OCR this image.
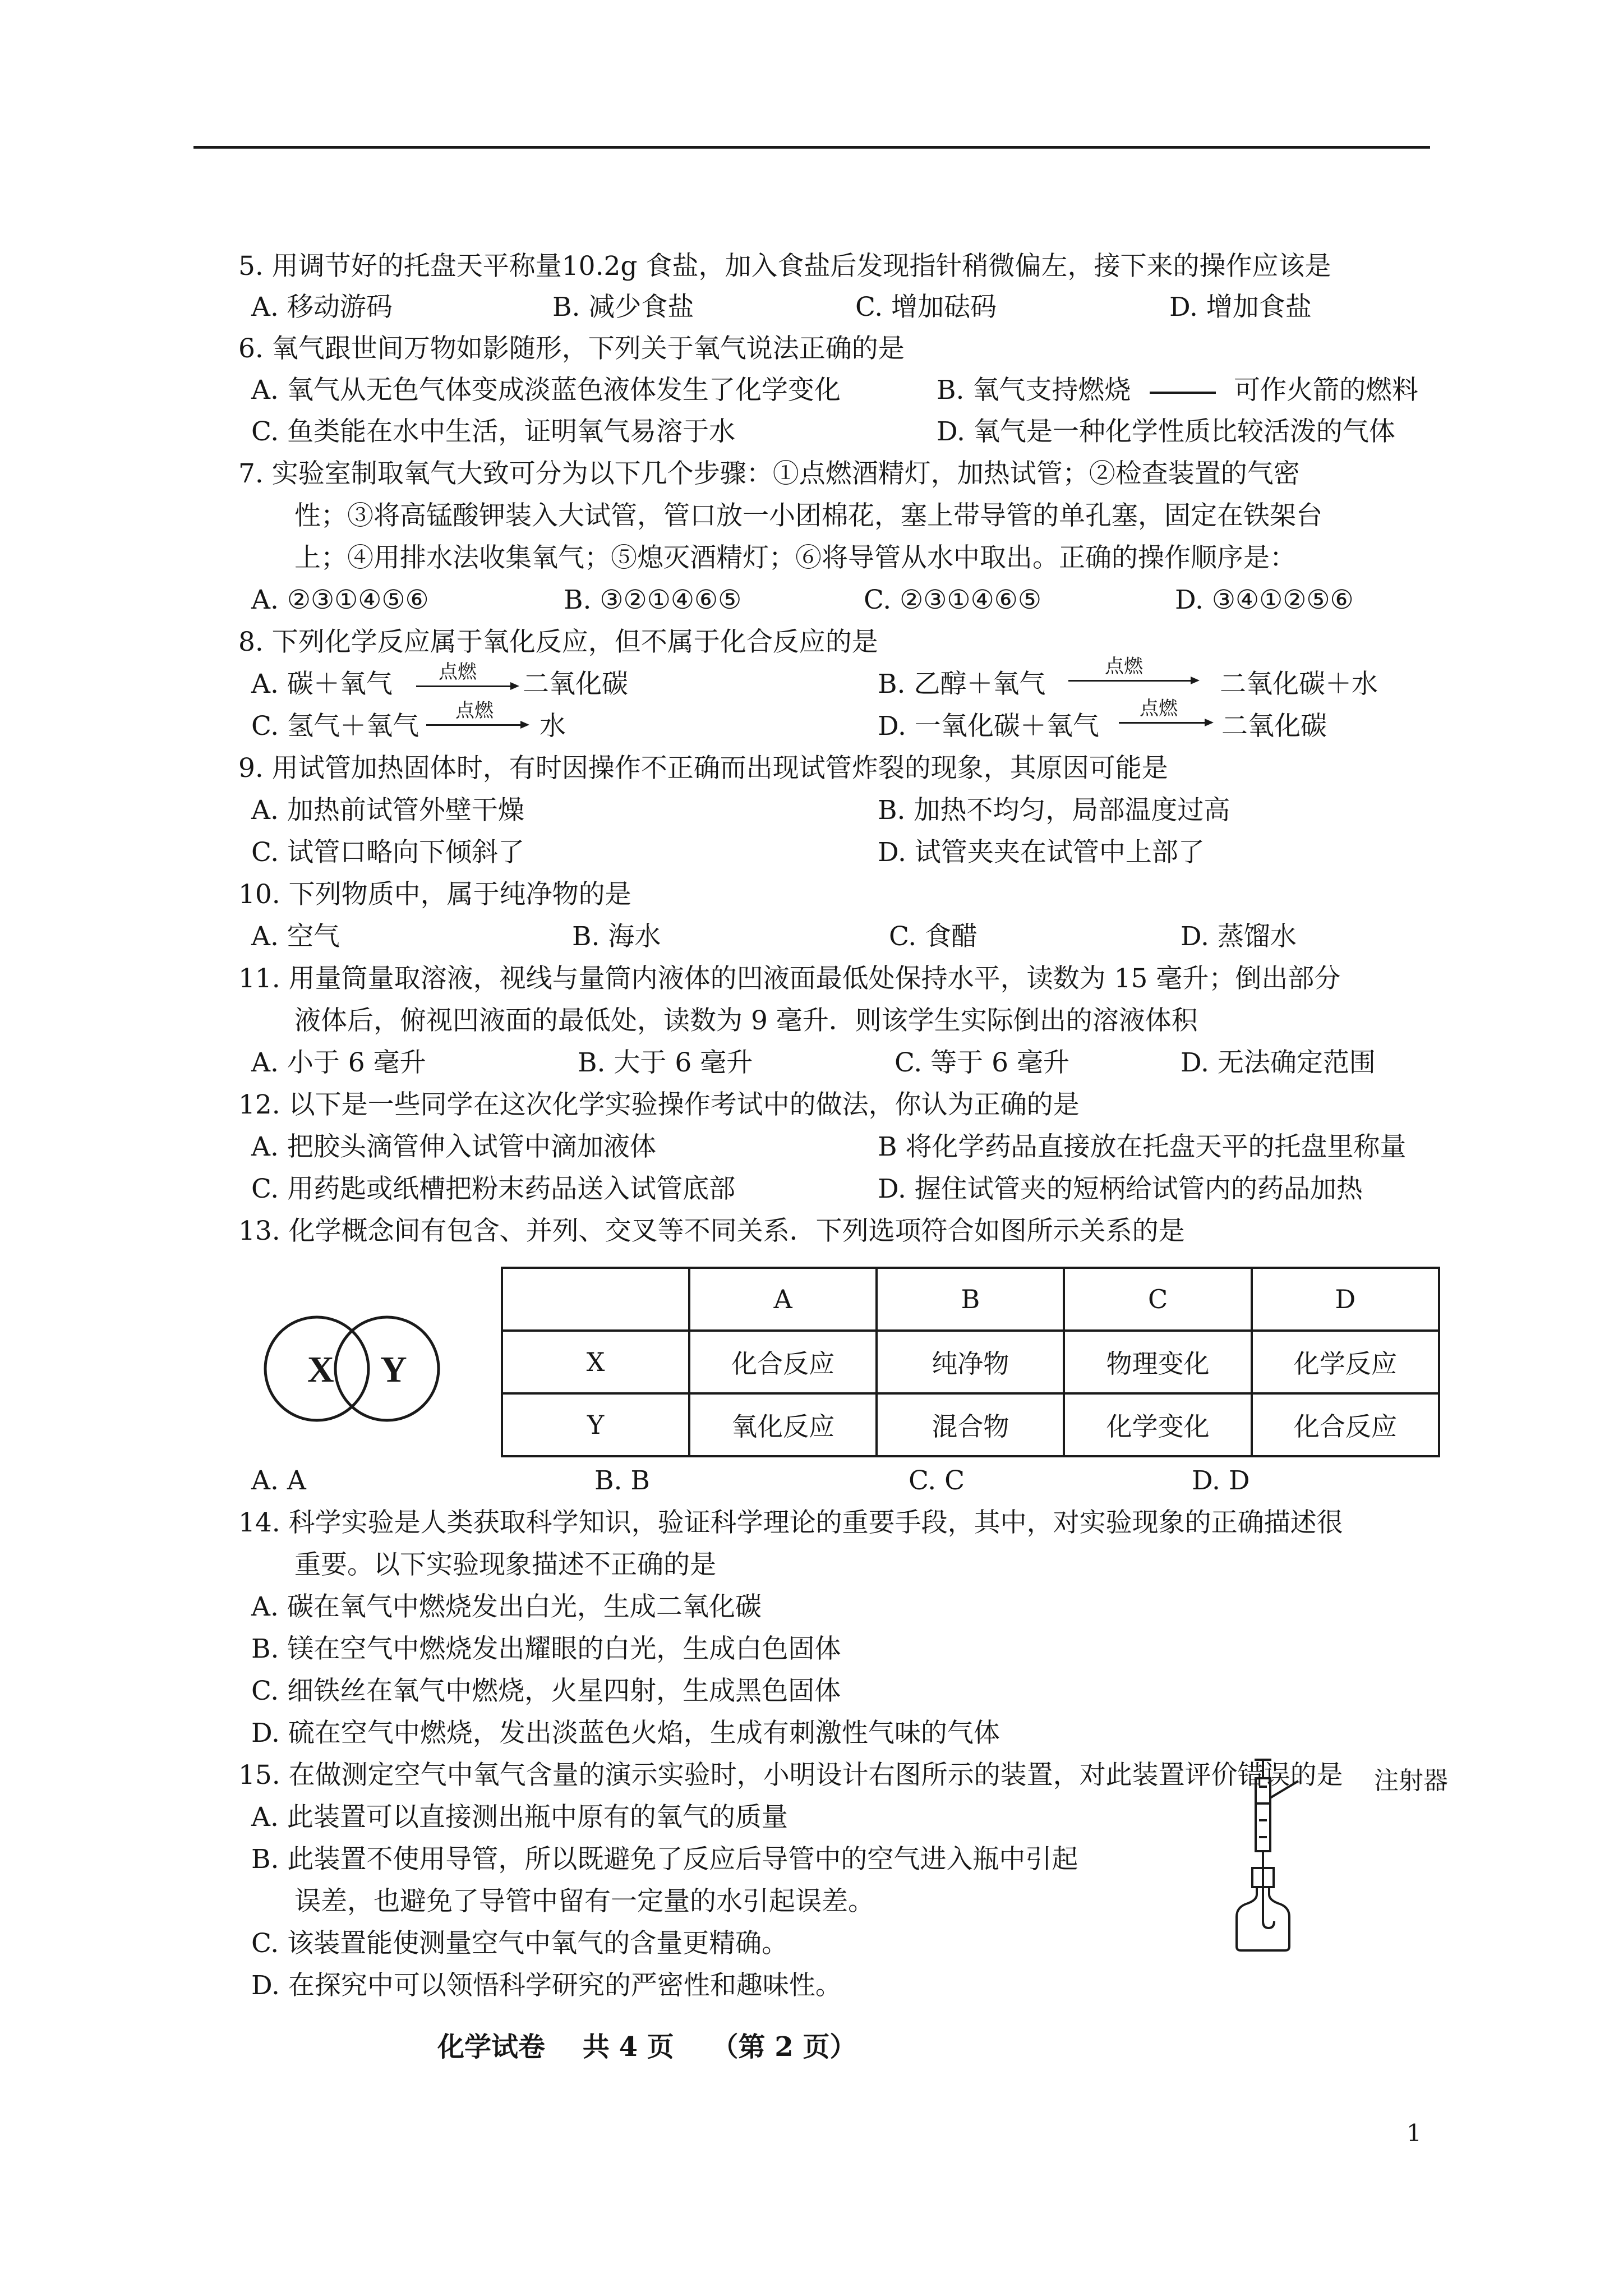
5. 用调节好的托盘天平称量10.2g 食盐，加入食盐后发现指针稍微偏左，接下来的操作应该是
A. 移动游码	B. 减少食盐	C. 增加砝码	D. 增加食盐
6. 氧气跟世间万物如影随形，下列关于氧气说法正确的是
A. 氧气从无色气体变成淡蓝色液体发生了化学变化	B. 氧气支持燃烧	可作火箭的燃料
C. 鱼类能在水中生活，证明氧气易溶于水	D. 氧气是一种化学性质比较活泼的气体
7. 实验室制取氧气大致可分为以下几个步骤：①点燃酒精灯，加热试管；②检查装置的气密
性；③将高锰酸钾装入大试管，管口放一小团棉花，塞上带导管的单孔塞，固定在铁架台
上；④用排水法收集氧气；⑤熄灭酒精灯；⑥将导管从水中取出。正确的操作顺序是：
A. ②③①④⑤⑥	B. ③②①④⑥⑤	C. ②③①④⑥⑤	D. ③④①②⑤⑥
8. 下列化学反应属于氧化反应，但不属于化合反应的是
A. 碳＋氧气 点燃 二氧化碳	B. 乙醇＋氧气
点燃
二氧化碳＋水
C. 氢气＋氧气 点燃 水	D. 一氧化碳＋氧气
点燃
二氧化碳
9. 用试管加热固体时，有时因操作不正确而出现试管炸裂的现象，其原因可能是
A. 加热前试管外壁干燥	B. 加热不均匀，局部温度过高
C. 试管口略向下倾斜了	D. 试管夹夹在试管中上部了
10. 下列物质中，属于纯净物的是
A. 空气	B. 海水	C. 食醋	D. 蒸馏水
11. 用量筒量取溶液，视线与量筒内液体的凹液面最低处保持水平，读数为 15 毫升；倒出部分
液体后，俯视凹液面的最低处，读数为 9 毫升．则该学生实际倒出的溶液体积
A. 小于 6 毫升	B. 大于 6 毫升	C. 等于 6 毫升	D. 无法确定范围
12. 以下是一些同学在这次化学实验操作考试中的做法，你认为正确的是
A. 把胶头滴管伸入试管中滴加液体	B 将化学药品直接放在托盘天平的托盘里称量
C. 用药匙或纸槽把粉末药品送入试管底部	D. 握住试管夹的短柄给试管内的药品加热
13. 化学概念间有包含、并列、交叉等不同关系．下列选项符合如图所示关系的是
X Y
	A	B	C	D
X	化合反应	纯净物	物理变化	化学反应
Y	氧化反应	混合物	化学变化	化合反应
A. A	B. B	C. C	D. D
14. 科学实验是人类获取科学知识，验证科学理论的重要手段，其中，对实验现象的正确描述很
重要。以下实验现象描述不正确的是
A. 碳在氧气中燃烧发出白光，生成二氧化碳
B. 镁在空气中燃烧发出耀眼的白光，生成白色固体
C. 细铁丝在氧气中燃烧，火星四射，生成黑色固体
D. 硫在空气中燃烧，发出淡蓝色火焰，生成有刺激性气味的气体
15. 在做测定空气中氧气含量的演示实验时，小明设计右图所示的装置，对此装置评价错误的是
A. 此装置可以直接测出瓶中原有的氧气的质量
B. 此装置不使用导管，所以既避免了反应后导管中的空气进入瓶中引起
误差，也避免了导管中留有一定量的水引起误差。
C. 该装置能使测量空气中氧气的含量更精确。
D. 在探究中可以领悟科学研究的严密性和趣味性。
注射器
化学试卷 共 4 页 （第 2 页）
1
